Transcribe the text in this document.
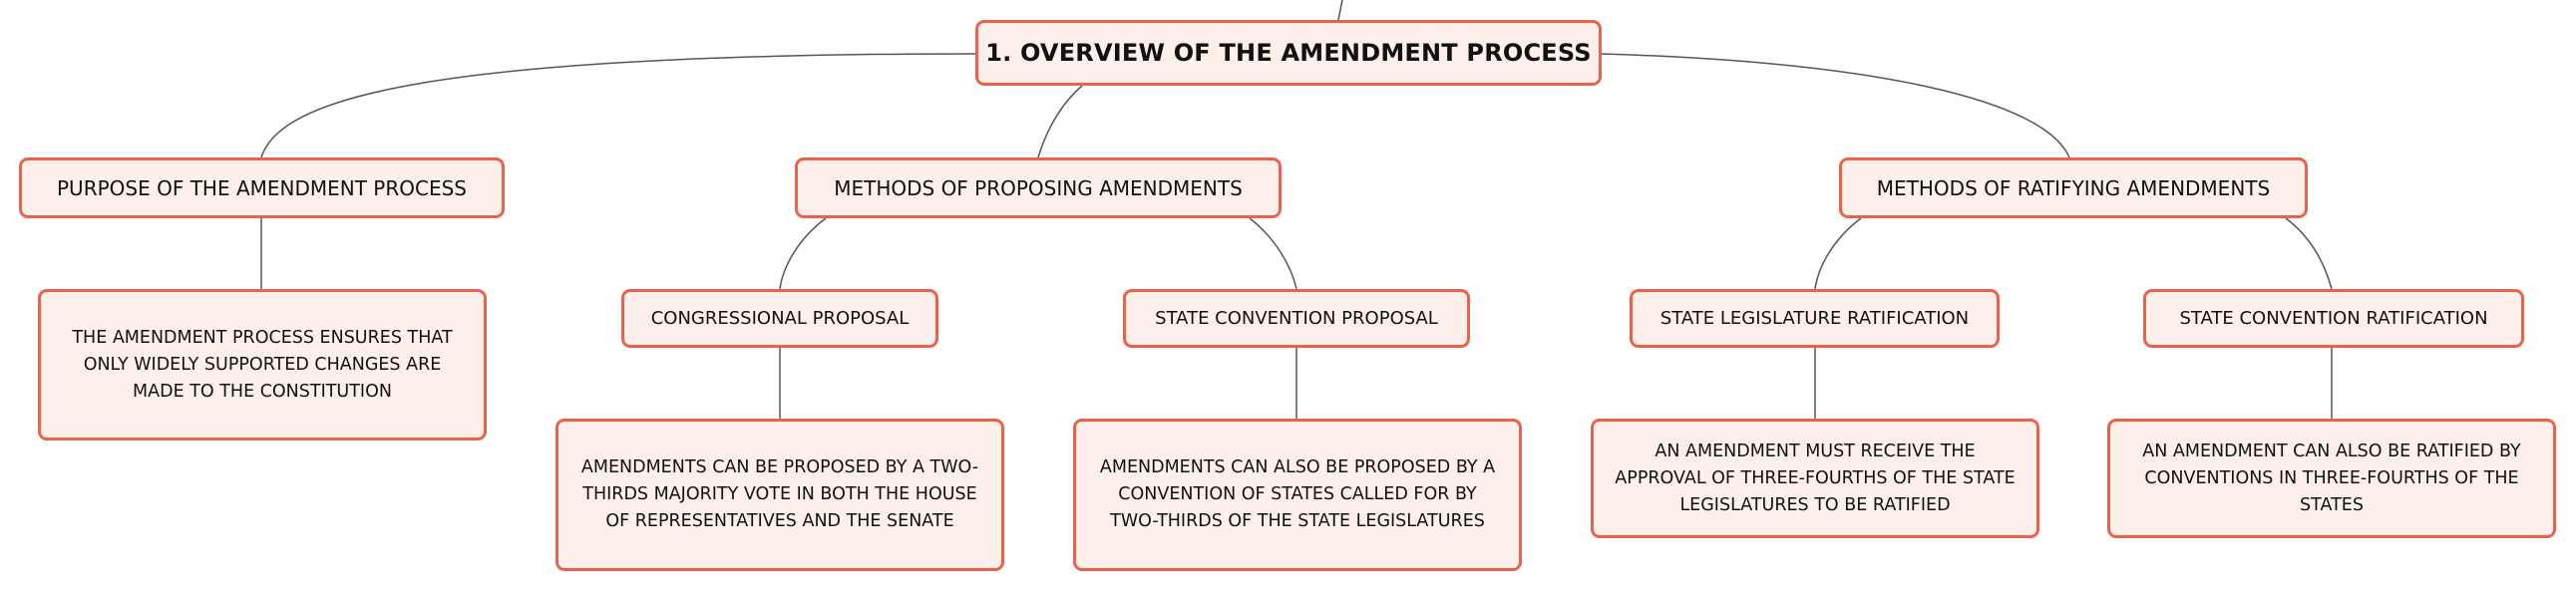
1. OVERVIEW OF THE AMENDMENT PROCESS
PURPOSE OF THE AMENDMENT PROCESS
THE AMENDMENT PROCESS ENSURES THAT ONLY WIDELY SUPPORTED CHANGES ARE MADE TO THE CONSTITUTION
METHODS OF PROPOSING AMENDMENTS
CONGRESSIONAL PROPOSAL
AMENDMENTS CAN BE PROPOSED BY A TWO-THIRDS MAJORITY VOTE IN BOTH THE HOUSE OF REPRESENTATIVES AND THE SENATE
STATE CONVENTION PROPOSAL
AMENDMENTS CAN ALSO BE PROPOSED BY A CONVENTION OF STATES CALLED FOR BY TWO-THIRDS OF THE STATE LEGISLATURES
METHODS OF RATIFYING AMENDMENTS
STATE LEGISLATURE RATIFICATION
AN AMENDMENT MUST RECEIVE THE APPROVAL OF THREE-FOURTHS OF THE STATE LEGISLATURES TO BE RATIFIED
STATE CONVENTION RATIFICATION
AN AMENDMENT CAN ALSO BE RATIFIED BY CONVENTIONS IN THREE-FOURTHS OF THE STATES
